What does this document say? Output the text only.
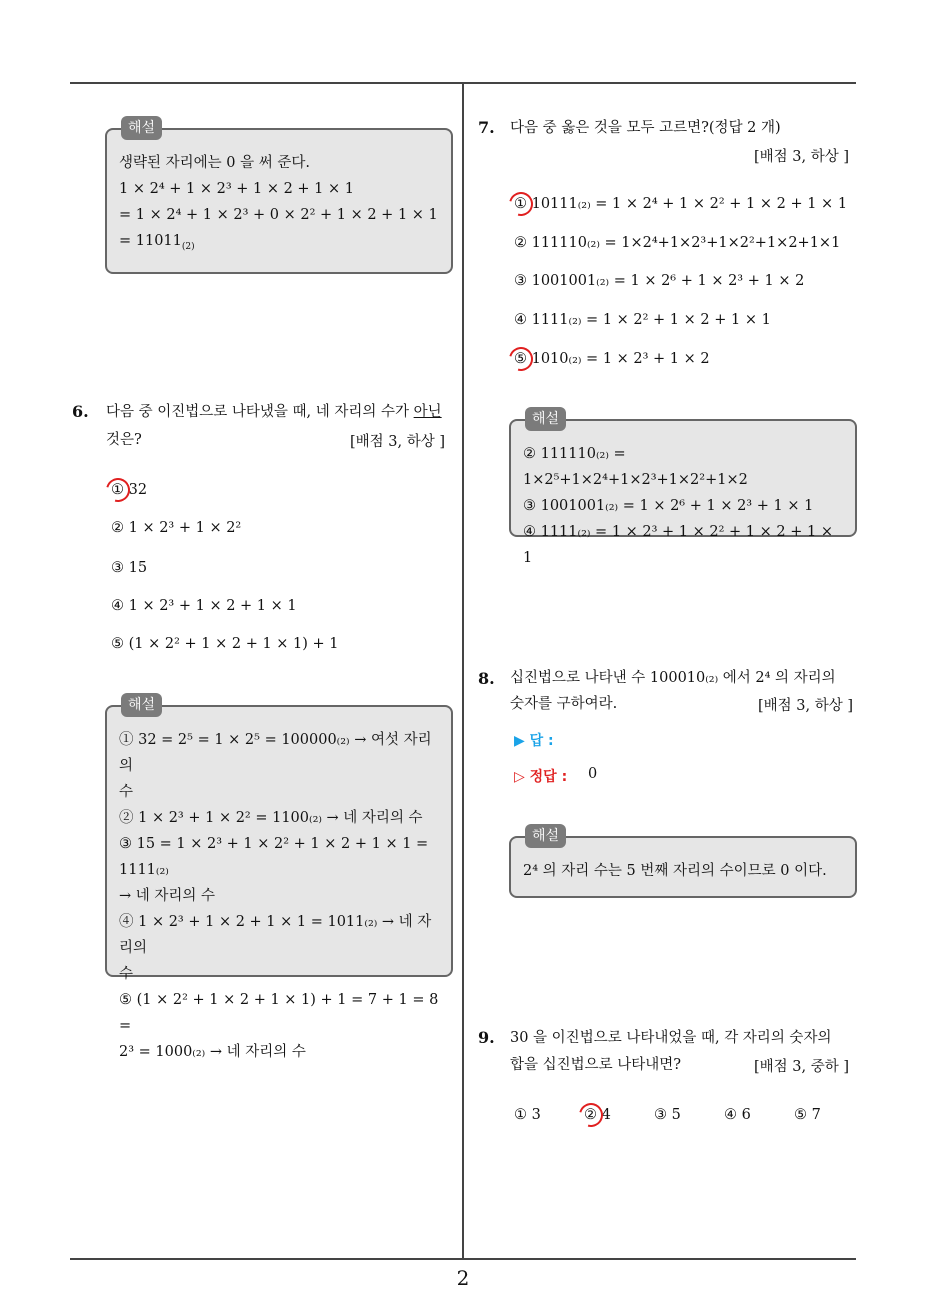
해설
생략된 자리에는 0 을 써 준다.
1 × 2⁴ + 1 × 2³ + 1 × 2 + 1 × 1
= 1 × 2⁴ + 1 × 2³ + 0 × 2² + 1 × 2 + 1 × 1
= $11011_{(2)}$
6. 다음 중 이진법으로 나타냈을 때, 네 자리의 수가 아닌
것은?	[배점 3, 하상 ]
① 32
② 1 × 2³ + 1 × 2²
③ 15
④ 1 × 2³ + 1 × 2 + 1 × 1
⑤ (1 × 2² + 1 × 2 + 1 × 1) + 1
해설
① 32 = 2⁵ = 1 × 2⁵ = 100000₍₂₎ → 여섯 자리의
수
② 1 × 2³ + 1 × 2² = 1100₍₂₎ → 네 자리의 수
③ 15 = 1 × 2³ + 1 × 2² + 1 × 2 + 1 × 1 = 1111₍₂₎
→ 네 자리의 수
④ 1 × 2³ + 1 × 2 + 1 × 1 = 1011₍₂₎ → 네 자리의
수
⑤ (1 × 2² + 1 × 2 + 1 × 1) + 1 = 7 + 1 = 8 =
2³ = 1000₍₂₎ → 네 자리의 수
7. 다음 중 옳은 것을 모두 고르면?(정답 2 개)
[배점 3, 하상 ]
① 10111₍₂₎ = 1 × 2⁴ + 1 × 2² + 1 × 2 + 1 × 1
② 111110₍₂₎ = 1×2⁴+1×2³+1×2²+1×2+1×1
③ 1001001₍₂₎ = 1 × 2⁶ + 1 × 2³ + 1 × 2
④ 1111₍₂₎ = 1 × 2² + 1 × 2 + 1 × 1
⑤ 1010₍₂₎ = 1 × 2³ + 1 × 2
해설
② 111110₍₂₎ = 1×2⁵+1×2⁴+1×2³+1×2²+1×2
③ 1001001₍₂₎ = 1 × 2⁶ + 1 × 2³ + 1 × 1
④ 1111₍₂₎ = 1 × 2³ + 1 × 2² + 1 × 2 + 1 × 1
8. 십진법으로 나타낸 수 100010₍₂₎ 에서 2⁴ 의 자리의
숫자를 구하여라.	[배점 3, 하상 ]
▶ 답 :
▷ 정답 : 0
해설
2⁴ 의 자리 수는 5 번째 자리의 수이므로 0 이다.
9. 30 을 이진법으로 나타내었을 때, 각 자리의 숫자의
합을 십진법으로 나타내면?	[배점 3, 중하 ]
① 3	② 4	③ 5	④ 6	⑤ 7
2
